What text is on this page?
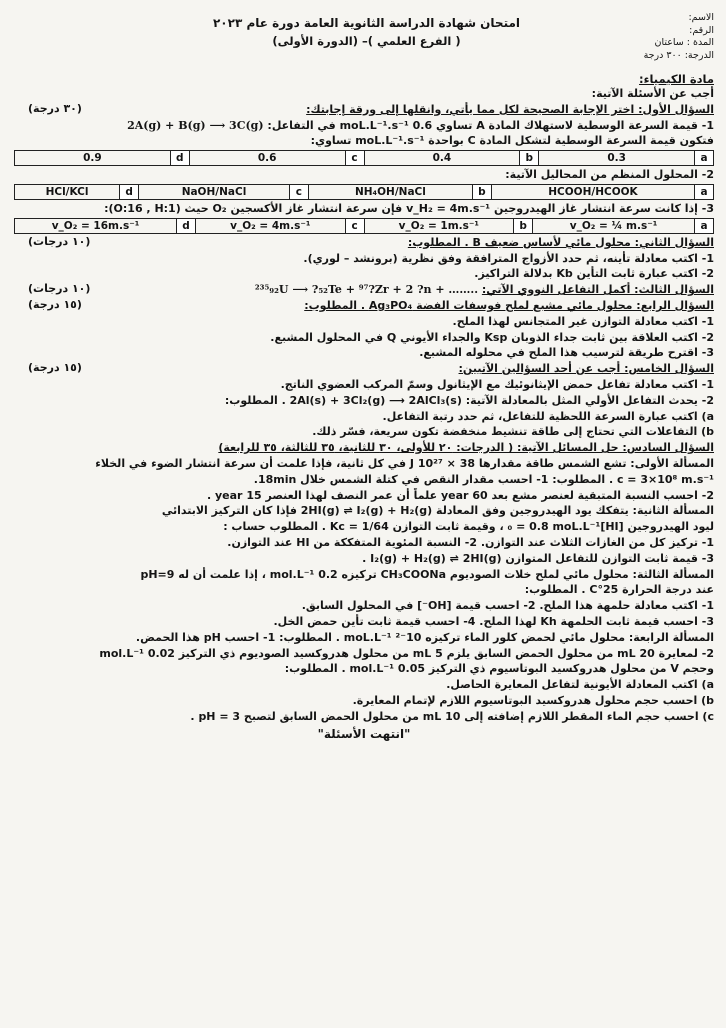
امتحان شهادة الدراسة الثانوية العامة دورة عام ٢٠٢٣
( الفرع العلمي )– (الدورة الأولى)
الاسم:
الرقم:
المدة : ساعتان
الدرجة: ٣٠٠ درجة
مادة الكيمياء:
أجب عن الأسئلة الآتية:
(٣٠ درجة)	السؤال الأول: اختر الإجابة الصحيحة لكل مما يأتي، وانقلها إلى ورقة إجابتك:
1- قيمة السرعة الوسطية لاستهلاك المادة A تساوي 0.6 moL.L⁻¹.s⁻¹ في التفاعل: 2A(g) + B(g) ⟶ 3C(g)
فتكون قيمة السرعة الوسطية لتشكل المادة C بواحدة moL.L⁻¹.s⁻¹ تساوي:
a	0.3	b	0.4	c	0.6	d	0.9
2- المحلول المنظم من المحاليل الآتية:
a	HCOOH/HCOOK	b	NH₄OH/NaCl	c	NaOH/NaCl	d	HCl/KCl
3- إذا كانت سرعة انتشار غاز الهيدروجين v_H₂ = 4m.s⁻¹ فإن سرعة انتشار غاز الأكسجين O₂ حيث (O:16 , H:1):
a	v_O₂ = ¼ m.s⁻¹	b	v_O₂ = 1m.s⁻¹	c	v_O₂ = 4m.s⁻¹	d	v_O₂ = 16m.s⁻¹
(١٠ درجات)	السؤال الثاني: محلول مائي لأساس ضعيف B . المطلوب:
1- اكتب معادلة تأينه، ثم حدد الأزواج المترافقة وفق نظرية (برونشد – لوري).
2- اكتب عبارة ثابت التأين Kb بدلالة التراكيز.
(١٠ درجات)	السؤال الثالث: أكمل التفاعل النووي الآتي: ²³⁵₉₂U ⟶ ?₅₂Te + ⁹⁷?Zr + 2 ?n + ……..
(١٥ درجة)	السؤال الرابع: محلول مائي مشبع لملح فوسفات الفضة Ag₃PO₄ . المطلوب:
1- اكتب معادلة التوازن غير المتجانس لهذا الملح.
2- اكتب العلاقة بين ثابت جداء الذوبان Ksp والجداء الأيوني Q في المحلول المشبع.
3- اقترح طريقة لترسيب هذا الملح في محلوله المشبع.
(١٥ درجة)	السؤال الخامس: أجب عن أحد السؤالين الآتيين:
1- اكتب معادلة تفاعل حمض الإيثانوئيك مع الإيثانول وسمّ المركب العضوي الناتج.
2- يحدث التفاعل الأولي المثل بالمعادلة الآتية: 2Al(s) + 3Cl₂(g) ⟶ 2AlCl₃(s) . المطلوب:
a) اكتب عبارة السرعة اللحظية للتفاعل، ثم حدد رتبة التفاعل.
b) التفاعلات التي تحتاج إلى طاقة تنشيط منخفضة تكون سريعة، فسّر ذلك.
السؤال السادس: حل المسائل الآتية: ( الدرجات: ٢٠ للأولى، ٣٠ للثانية، ٣٥ للثالثة، ٣٥ للرابعة)
المسألة الأولى: تشع الشمس طاقة مقدارها 38 × 10²⁷ J في كل ثانية، فإذا علمت أن سرعة انتشار الضوء في الخلاء
c = 3×10⁸ m.s⁻¹ . المطلوب: 1- احسب مقدار النقص في كتلة الشمس خلال 18min.
2- احسب النسبة المتبقية لعنصر مشع بعد 60 year علماً أن عمر النصف لهذا العنصر 15 year .
المسألة الثانية: يتفكك يود الهيدروجين وفق المعادلة 2HI(g) ⇌ I₂(g) + H₂(g) فإذا كان التركيز الابتدائي
ليود الهيدروجين [HI]₀ = 0.8 moL.L⁻¹ ، وقيمة ثابت التوازن Kc = 1/64 . المطلوب حساب :
1- تركيز كل من الغازات الثلاث عند التوازن. 2- النسبة المئوية المتفككة من HI عند التوازن.
3- قيمة ثابت التوازن للتفاعل المتوازن I₂(g) + H₂(g) ⇌ 2HI(g) .
المسألة الثالثة: محلول مائي لملح خلات الصوديوم CH₃COONa تركيزه 0.2 mol.L⁻¹ ، إذا علمت أن له pH=9
عند درجة الحرارة 25°C . المطلوب:
1- اكتب معادلة حلمهة هذا الملح. 2- احسب قيمة [OH⁻] في المحلول السابق.
3- احسب قيمة ثابت الحلمهة Kh لهذا الملح. 4- احسب قيمة ثابت تأين حمض الخل.
المسألة الرابعة: محلول مائي لحمض كلور الماء تركيزه 10⁻² moL.L⁻¹ . المطلوب: 1- احسب pH هذا الحمض.
2- لمعايرة 20 mL من محلول الحمض السابق يلزم 5 mL من محلول هدروكسيد الصوديوم ذي التركيز 0.02 mol.L⁻¹
وحجم V من محلول هدروكسيد البوتاسيوم ذي التركيز 0.05 mol.L⁻¹ . المطلوب:
a) اكتب المعادلة الأيونية لتفاعل المعايرة الحاصل.
b) احسب حجم محلول هدروكسيد البوتاسيوم اللازم لإتمام المعايرة.
c) احسب حجم الماء المقطر اللازم إضافته إلى 10 mL من محلول الحمض السابق لتصبح pH = 3 .
"انتهت الأسئلة"
